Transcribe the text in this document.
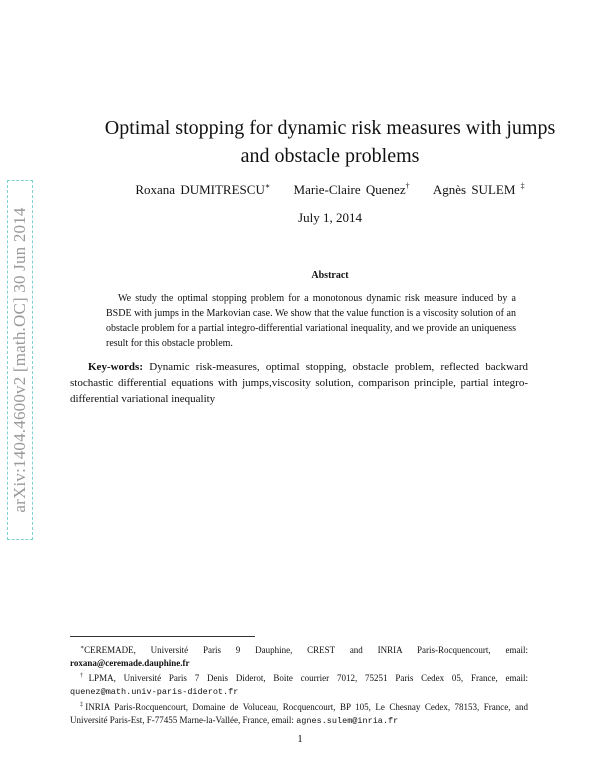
arXiv:1404.4600v2 [math.OC] 30 Jun 2014
Optimal stopping for dynamic risk measures with jumps
and obstacle problems
Roxana DUMITRESCU∗ Marie-Claire Quenez† Agnès SULEM ‡
July 1, 2014
Abstract
We study the optimal stopping problem for a monotonous dynamic risk measure induced by a BSDE with jumps in the Markovian case. We show that the value function is a viscosity solution of an obstacle problem for a partial integro-differential variational inequality, and we provide an uniqueness result for this obstacle problem.
Key-words: Dynamic risk-measures, optimal stopping, obstacle problem, reflected backward stochastic differential equations with jumps,viscosity solution, comparison principle, partial integro-differential variational inequality

∗CEREMADE, Université Paris 9 Dauphine, CREST and INRIA Paris-Rocquencourt, email: roxana@ceremade.dauphine.fr

†LPMA, Université Paris 7 Denis Diderot, Boite courrier 7012, 75251 Paris Cedex 05, France, email: quenez@math.univ-paris-diderot.fr

‡INRIA Paris-Rocquencourt, Domaine de Voluceau, Rocquencourt, BP 105, Le Chesnay Cedex, 78153, France, and Université Paris-Est, F-77455 Marne-la-Vallée, France, email: agnes.sulem@inria.fr

1
